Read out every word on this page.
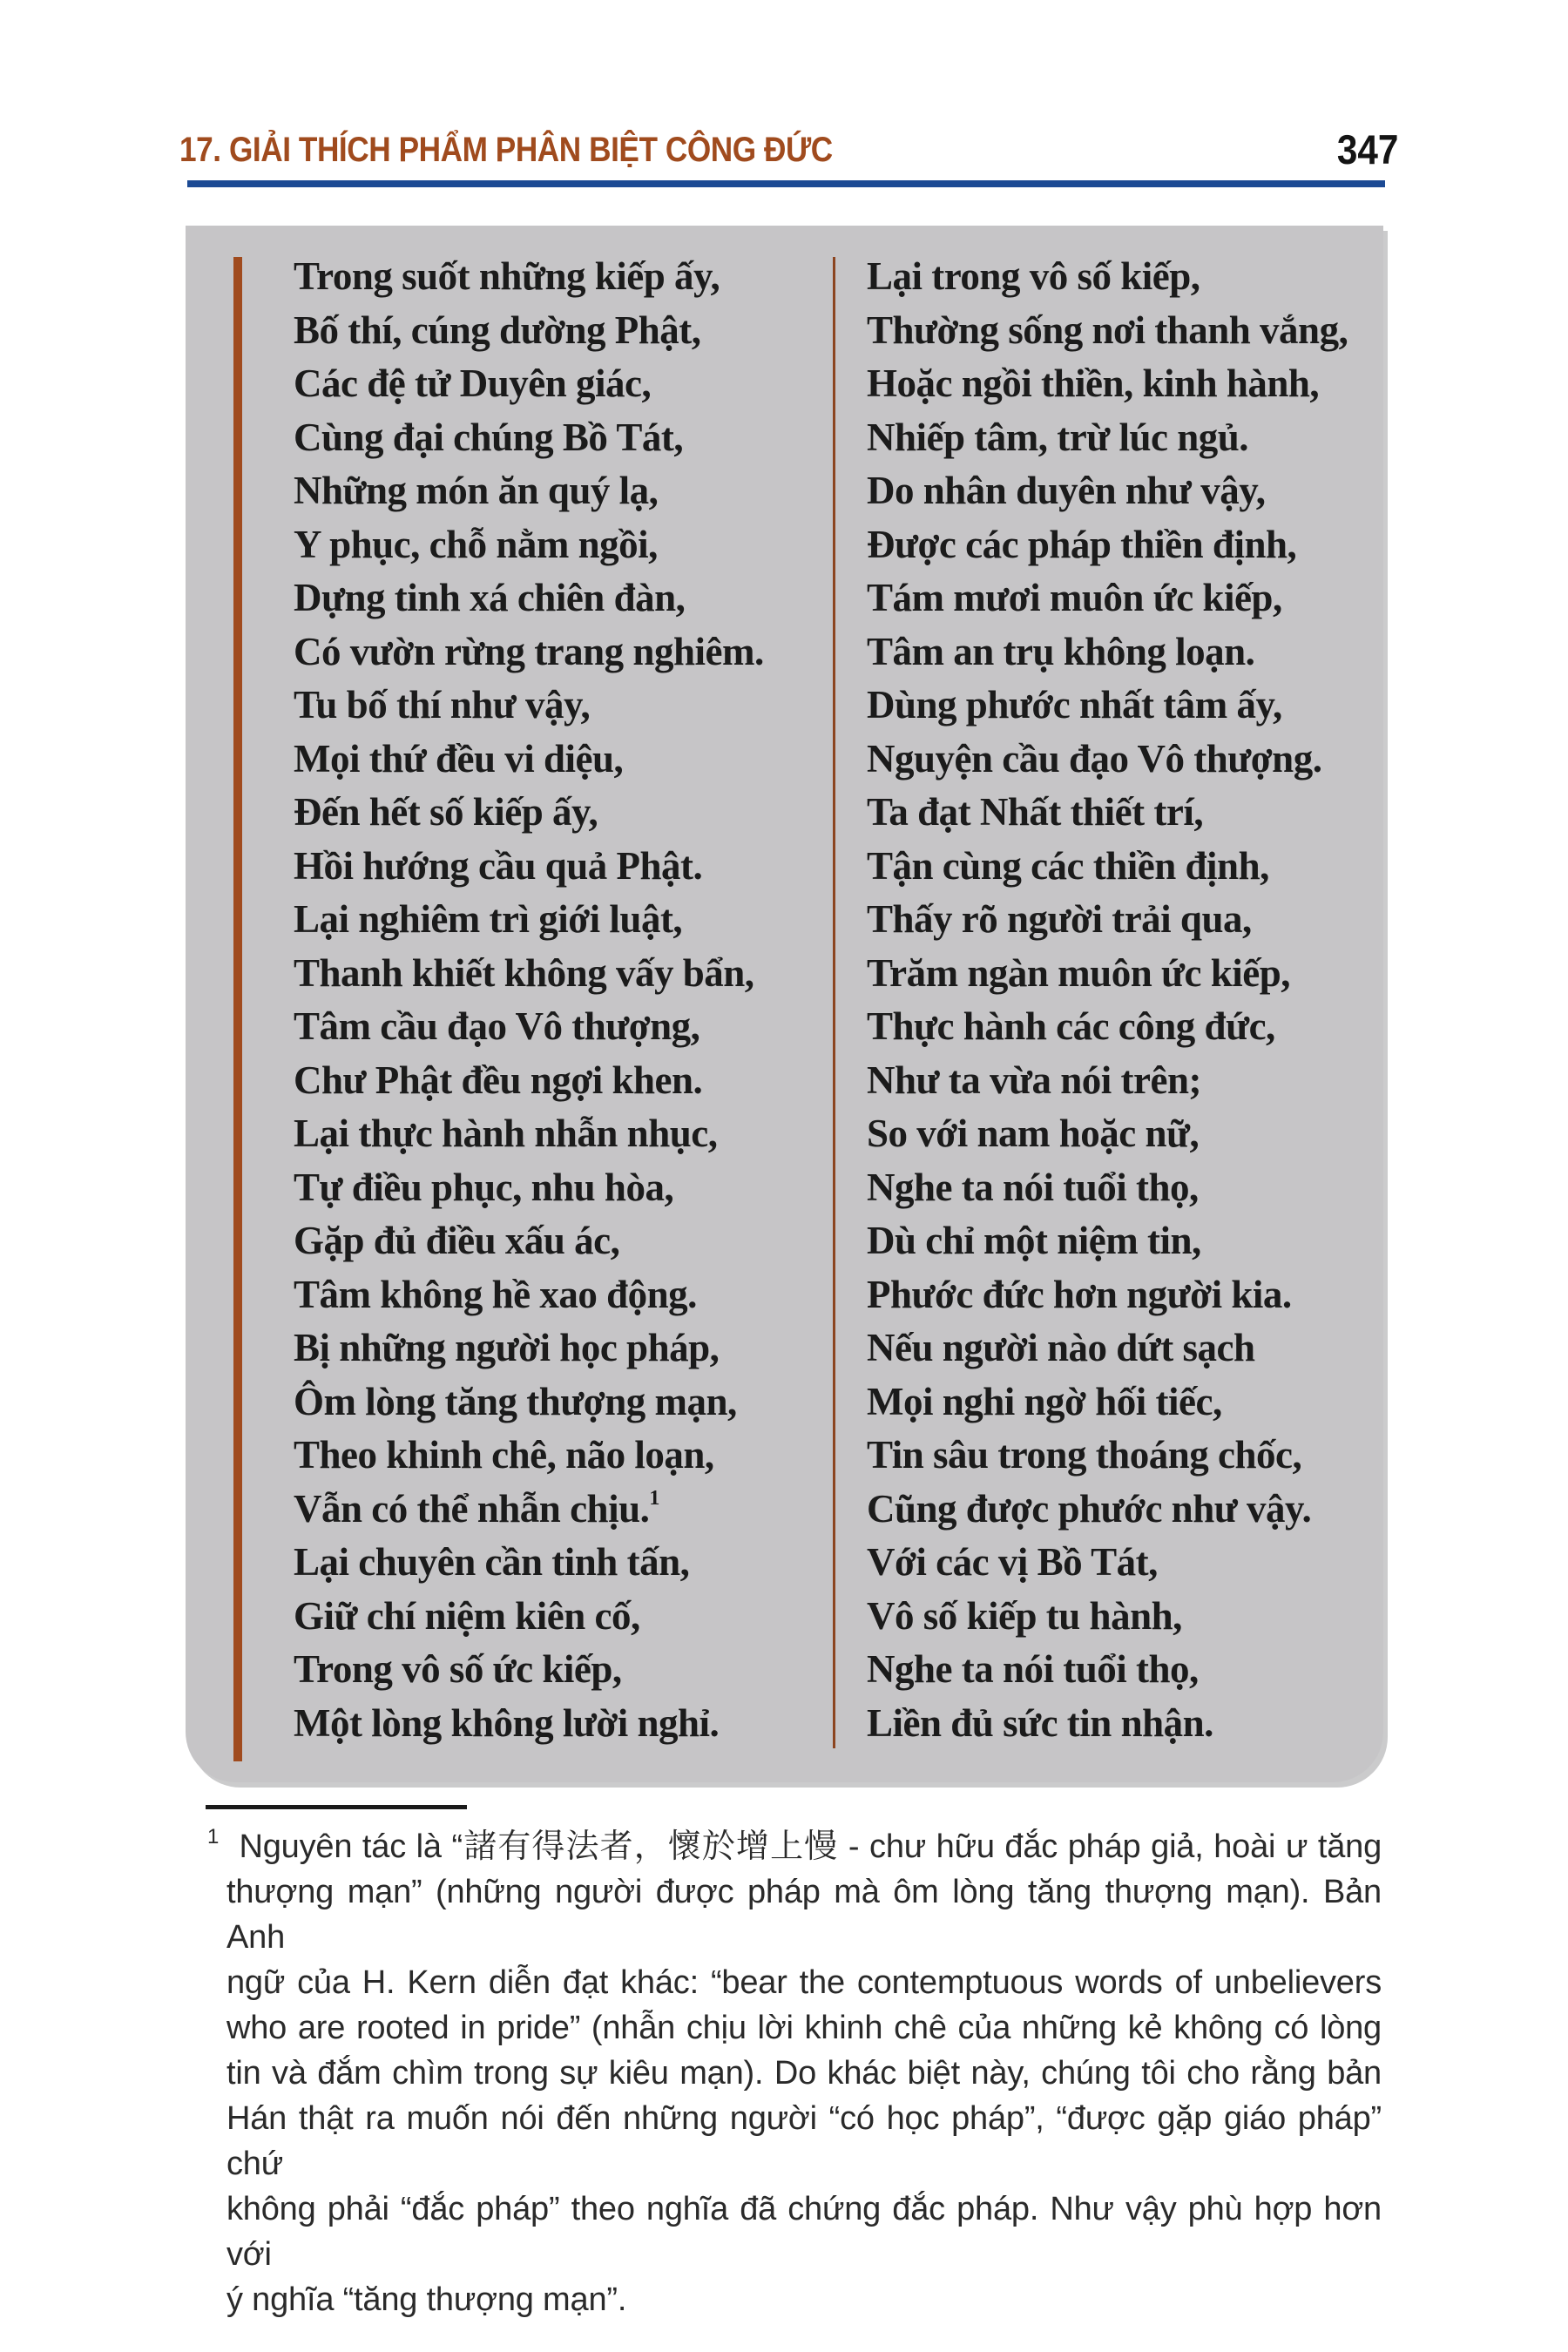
17. GIẢI THÍCH PHẨM PHÂN BIỆT CÔNG ĐỨC	347
Trong suốt những kiếp ấy,
Bố thí, cúng dường Phật,
Các đệ tử Duyên giác,
Cùng đại chúng Bồ Tát,
Những món ăn quý lạ,
Y phục, chỗ nằm ngồi,
Dựng tinh xá chiên đàn,
Có vườn rừng trang nghiêm.
Tu bố thí như vậy,
Mọi thứ đều vi diệu,
Đến hết số kiếp ấy,
Hồi hướng cầu quả Phật.
Lại nghiêm trì giới luật,
Thanh khiết không vấy bẩn,
Tâm cầu đạo Vô thượng,
Chư Phật đều ngợi khen.
Lại thực hành nhẫn nhục,
Tự điều phục, nhu hòa,
Gặp đủ điều xấu ác,
Tâm không hề xao động.
Bị những người học pháp,
Ôm lòng tăng thượng mạn,
Theo khinh chê, não loạn,
Vẫn có thể nhẫn chịu.$^1$
Lại chuyên cần tinh tấn,
Giữ chí niệm kiên cố,
Trong vô số ức kiếp,
Một lòng không lười nghỉ.
Lại trong vô số kiếp,
Thường sống nơi thanh vắng,
Hoặc ngồi thiền, kinh hành,
Nhiếp tâm, trừ lúc ngủ.
Do nhân duyên như vậy,
Được các pháp thiền định,
Tám mươi muôn ức kiếp,
Tâm an trụ không loạn.
Dùng phước nhất tâm ấy,
Nguyện cầu đạo Vô thượng.
Ta đạt Nhất thiết trí,
Tận cùng các thiền định,
Thấy rõ người trải qua,
Trăm ngàn muôn ức kiếp,
Thực hành các công đức,
Như ta vừa nói trên;
So với nam hoặc nữ,
Nghe ta nói tuổi thọ,
Dù chỉ một niệm tin,
Phước đức hơn người kia.
Nếu người nào dứt sạch
Mọi nghi ngờ hối tiếc,
Tin sâu trong thoáng chốc,
Cũng được phước như vậy.
Với các vị Bồ Tát,
Vô số kiếp tu hành,
Nghe ta nói tuổi thọ,
Liền đủ sức tin nhận.
$^1$ Nguyên tác là “諸有得法者，懷於增上慢 - chư hữu đắc pháp giả, hoài ư tăng
thượng mạn” (những người được pháp mà ôm lòng tăng thượng mạn). Bản Anh
ngữ của H. Kern diễn đạt khác: “bear the contemptuous words of unbelievers
who are rooted in pride” (nhẫn chịu lời khinh chê của những kẻ không có lòng
tin và đắm chìm trong sự kiêu mạn). Do khác biệt này, chúng tôi cho rằng bản
Hán thật ra muốn nói đến những người “có học pháp”, “được gặp giáo pháp” chứ
không phải “đắc pháp” theo nghĩa đã chứng đắc pháp. Như vậy phù hợp hơn với
ý nghĩa “tăng thượng mạn”.
